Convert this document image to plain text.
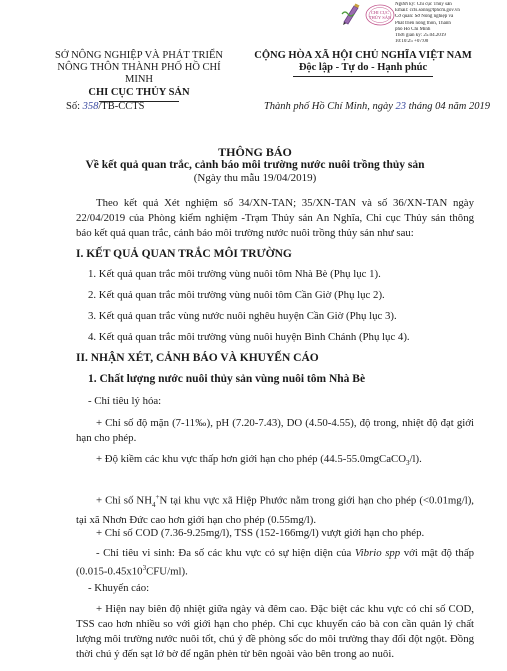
CHI CỤC
THỦY SẢN
Người ký: Chi cục Thủy sản
Email: ccts.sonn@tphcm.gov.vn
Cơ quan: Sở Nông nghiệp và
Phát triển nông thôn, Thành
phố Hồ Chí Minh
Thời gian ký: 25.04.2019
10:10:25 +07:00
SỞ NÔNG NGHIỆP VÀ PHÁT TRIỂN
NÔNG THÔN THÀNH PHỐ HỒ CHÍ MINH
CHI CỤC THỦY SẢN
CỘNG HÒA XÃ HỘI CHỦ NGHĨA VIỆT NAM
Độc lập - Tự do - Hạnh phúc
Số: 358/TB-CCTS	Thành phố Hồ Chí Minh, ngày 23 tháng 04 năm 2019
THÔNG BÁO
Về kết quả quan trắc, cảnh báo môi trường nước nuôi trồng thủy sản
(Ngày thu mẫu 19/04/2019)
Theo kết quả Xét nghiệm số 34/XN-TAN; 35/XN-TAN và số 36/XN-TAN ngày 22/04/2019 của Phòng kiểm nghiệm -Trạm Thủy sản An Nghĩa, Chi cục Thủy sản thông báo kết quả quan trắc, cảnh báo môi trường nước nuôi trồng thủy sản như sau:
I. KẾT QUẢ QUAN TRẮC MÔI TRƯỜNG
1. Kết quả quan trắc môi trường vùng nuôi tôm Nhà Bè (Phụ lục 1).
2. Kết quả quan trắc môi trường vùng nuôi tôm Cần Giờ (Phụ lục 2).
3. Kết quả quan trắc vùng nước nuôi nghêu huyện Cần Giờ (Phụ lục 3).
4. Kết quả quan trắc môi trường vùng nuôi huyện Bình Chánh (Phụ lục 4).
II. NHẬN XÉT, CẢNH BÁO VÀ KHUYẾN CÁO
1. Chất lượng nước nuôi thủy sản vùng nuôi tôm Nhà Bè
- Chỉ tiêu lý hóa:
+ Chỉ số độ mặn (7-11‰), pH (7.20-7.43), DO (4.50-4.55), độ trong, nhiệt độ đạt giới hạn cho phép.
+ Độ kiềm các khu vực thấp hơn giới hạn cho phép (44.5-55.0mgCaCO$_3$/l).
+ Chỉ số $NH_4^+N$ tại khu vực xã Hiệp Phước nằm trong giới hạn cho phép (<0.01mg/l), tại xã Nhơn Đức cao hơn giới hạn cho phép (0.55mg/l).
+ Chỉ số COD (7.36-9.25mg/l), TSS (152-166mg/l) vượt giới hạn cho phép.
- Chỉ tiêu vi sinh: Đa số các khu vực có sự hiện diện của Vibrio spp với mật độ thấp $(0.015-0.45x10^3CFU/ml)$.
- Khuyến cáo:
+ Hiện nay biên độ nhiệt giữa ngày và đêm cao. Đặc biệt các khu vực có chỉ số COD, TSS cao hơn nhiều so với giới hạn cho phép. Chi cục khuyến cáo bà con cần quản lý chất lượng môi trường nước nuôi tốt, chú ý đề phòng sốc do môi trường thay đổi đột ngột. Đồng thời chú ý đến sạt lở bờ để ngăn phèn từ bên ngoài vào bên trong ao nuôi.
